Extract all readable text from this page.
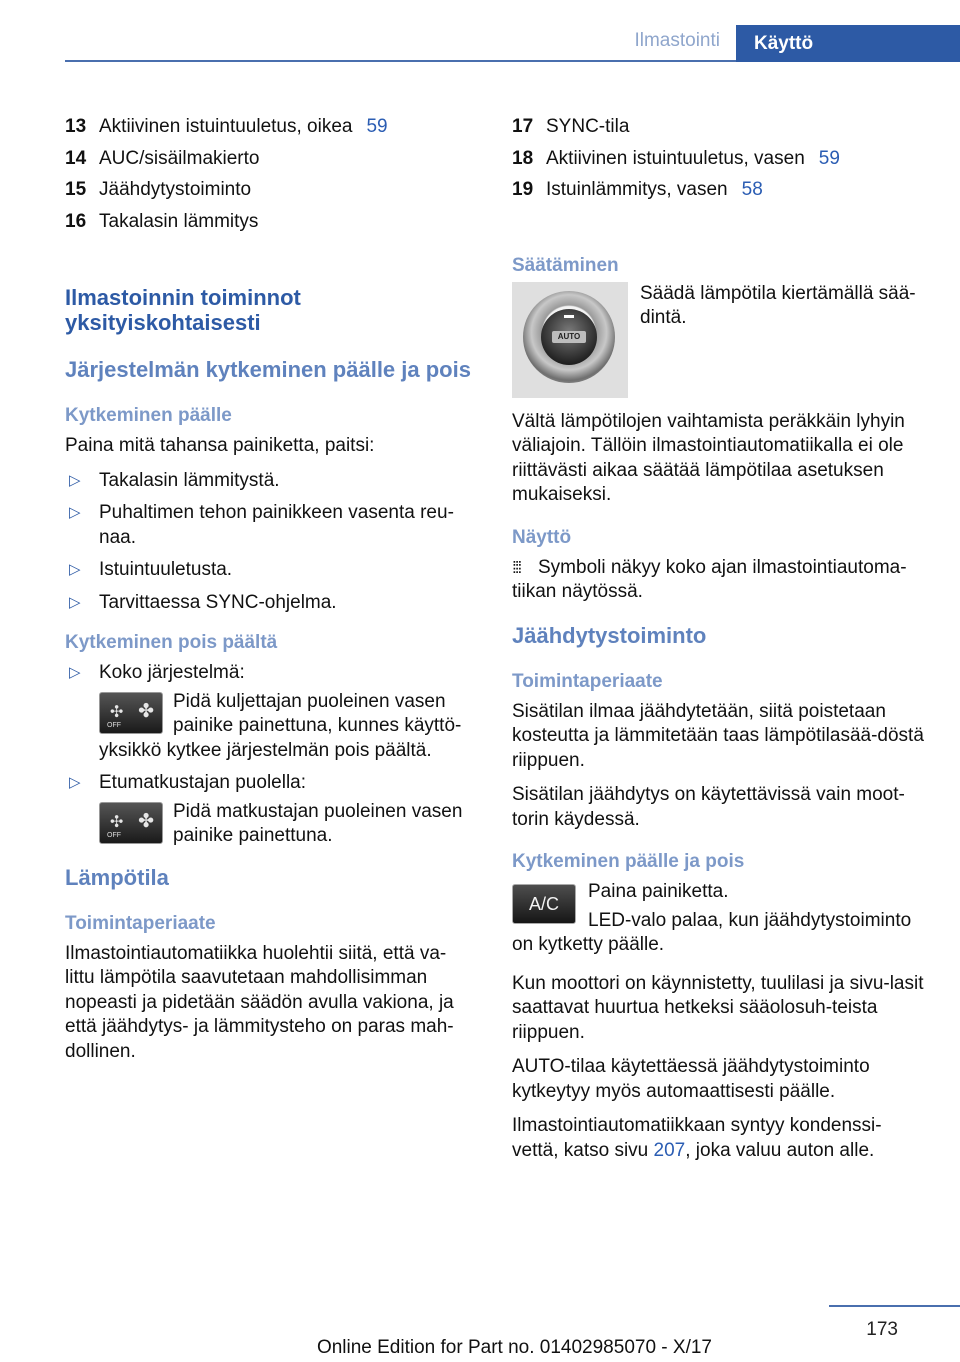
Ilmastointi	Käyttö
13 Aktiivinen istuintuuletus, oikea 59
14 AUC/sisäilmakierto
15 Jäähdytystoiminto
16 Takalasin lämmitys
Ilmastoinnin toiminnot yksityiskohtaisesti
Järjestelmän kytkeminen päälle ja pois
Kytkeminen päälle

Paina mitä tahansa painiketta, paitsi:

▷ Takalasin lämmitystä.
▷ Puhaltimen tehon painikkeen vasenta reu-naa.
▷ Istuintuuletusta.
▷ Tarvittaessa SYNC-ohjelma.
Kytkeminen pois päältä
▷ Koko järjestelmä:
✣ ✤
OFF
Pidä kuljettajan puoleinen vasen painike painettuna, kunnes käyttö-yksikkö kytkee järjestelmän pois päältä.
▷ Etumatkustajan puolella:
✣ ✤
OFF
Pidä matkustajan puoleinen vasen painike painettuna.
Lämpötila
Toimintaperiaate

Ilmastointiautomatiikka huolehtii siitä, että va-littu lämpötila saavutetaan mahdollisimman nopeasti ja pidetään säädön avulla vakiona, ja että jäähdytys- ja lämmitysteho on paras mah-dollinen.

17 SYNC-tila
18 Aktiivinen istuintuuletus, vasen 59
19 Istuinlämmitys, vasen 58
Säätäminen
AUTO
Säädä lämpötila kiertämällä sää-dintä.

Vältä lämpötilojen vaihtamista peräkkäin lyhyin väliajoin. Tällöin ilmastointiautomatiikalla ei ole riittävästi aikaa säätää lämpötilaa asetuksen mukaiseksi.

Näyttö

⁞⁞⁞ Symboli näkyy koko ajan ilmastointiautoma-tiikan näytössä.

Jäähdytystoiminto
Toimintaperiaate

Sisätilan ilmaa jäähdytetään, siitä poistetaan kosteutta ja lämmitetään taas lämpötilasää-döstä riippuen.

Sisätilan jäähdytys on käytettävissä vain moot-torin käydessä.

Kytkeminen päälle ja pois
A/C
Paina painiketta.
LED-valo palaa, kun jäähdytystoiminto on kytketty päälle.

Kun moottori on käynnistetty, tuulilasi ja sivu-lasit saattavat huurtua hetkeksi sääolosuh-teista riippuen.

AUTO-tilaa käytettäessä jäähdytystoiminto kytkeytyy myös automaattisesti päälle.

Ilmastointiautomatiikkaan syntyy kondenssi-vettä, katso sivu 207, joka valuu auton alle.

173
Online Edition for Part no. 01402985070 - X/17
